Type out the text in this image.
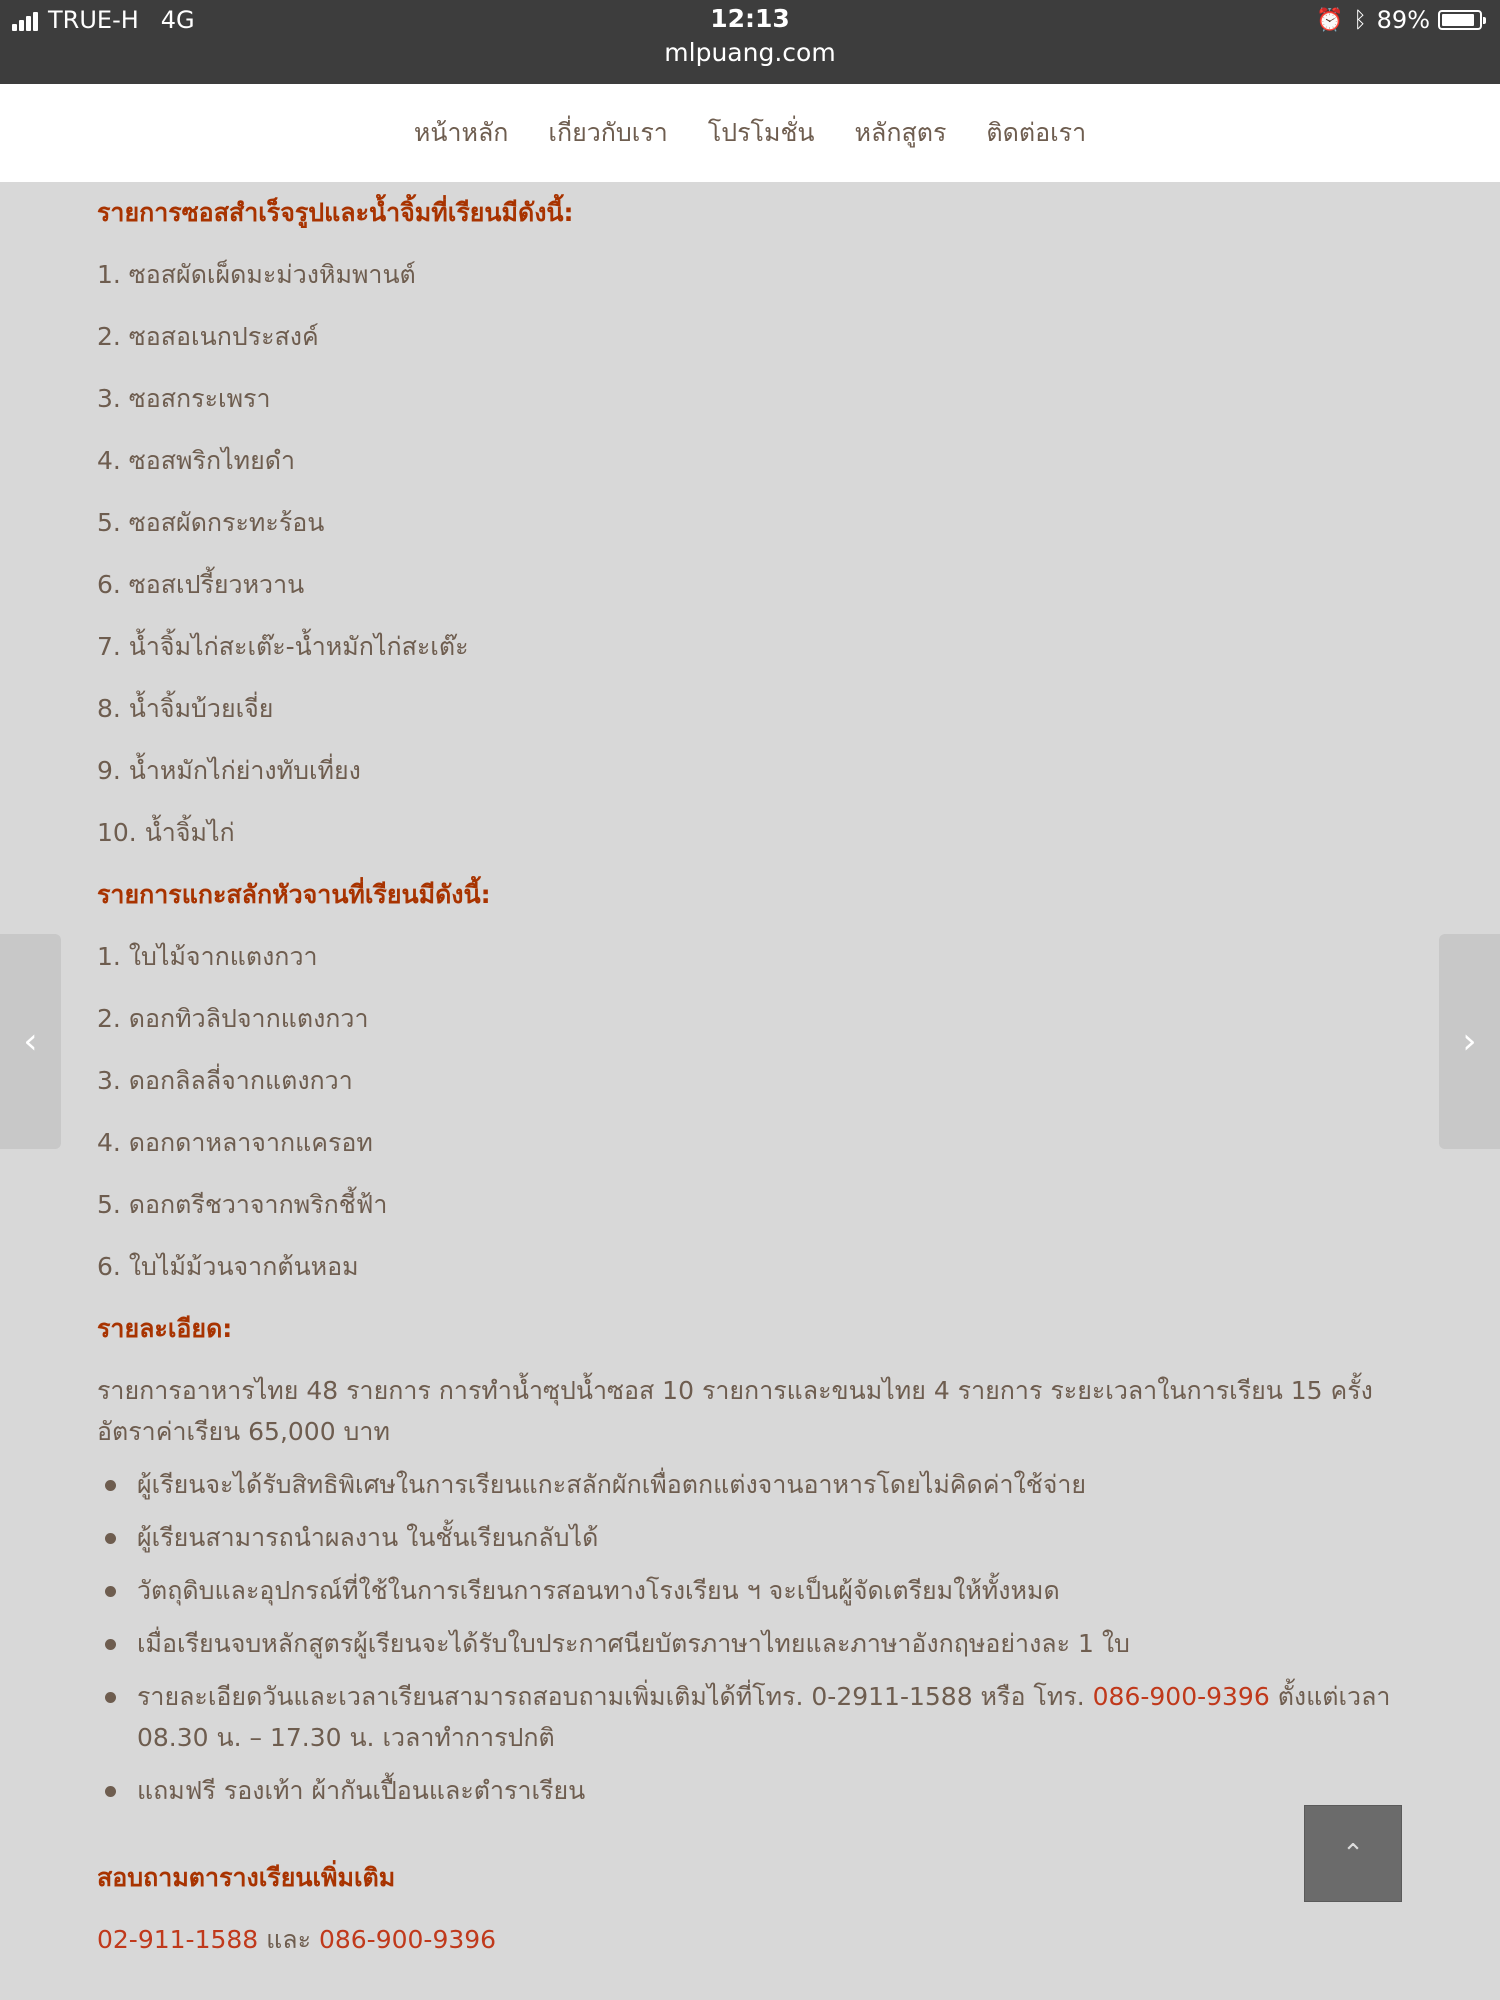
TRUE-H 4G	12:13
mlpuang.com
⏰ ᛒ 89%
หน้าหลัก เกี่ยวกับเรา โปรโมชั่น หลักสูตร ติดต่อเรา

รายการซอสสำเร็จรูปและน้ำจิ้มที่เรียนมีดังนี้:

1. ซอสผัดเผ็ดมะม่วงหิมพานต์
2. ซอสอเนกประสงค์
3. ซอสกระเพรา
4. ซอสพริกไทยดำ
5. ซอสผัดกระทะร้อน
6. ซอสเปรี้ยวหวาน
7. น้ำจิ้มไก่สะเต๊ะ-น้ำหมักไก่สะเต๊ะ
8. น้ำจิ้มบ้วยเจี่ย
9. น้ำหมักไก่ย่างทับเที่ยง
10. น้ำจิ้มไก่

รายการแกะสลักหัวจานที่เรียนมีดังนี้:

1. ใบไม้จากแตงกวา
2. ดอกทิวลิปจากแตงกวา
3. ดอกลิลลี่จากแตงกวา
4. ดอกดาหลาจากแครอท
5. ดอกตรีชวาจากพริกชี้ฟ้า
6. ใบไม้ม้วนจากต้นหอม

รายละเอียด:

รายการอาหารไทย 48 รายการ การทำน้ำซุปน้ำซอส 10 รายการและขนมไทย 4 รายการ ระยะเวลาในการเรียน 15 ครั้ง อัตราค่าเรียน 65,000 บาท

ผู้เรียนจะได้รับสิทธิพิเศษในการเรียนแกะสลักผักเพื่อตกแต่งจานอาหารโดยไม่คิดค่าใช้จ่าย
ผู้เรียนสามารถนำผลงาน ในชั้นเรียนกลับได้
วัตถุดิบและอุปกรณ์ที่ใช้ในการเรียนการสอนทางโรงเรียน ฯ จะเป็นผู้จัดเตรียมให้ทั้งหมด
เมื่อเรียนจบหลักสูตรผู้เรียนจะได้รับใบประกาศนียบัตรภาษาไทยและภาษาอังกฤษอย่างละ 1 ใบ
รายละเอียดวันและเวลาเรียนสามารถสอบถามเพิ่มเติมได้ที่โทร. 0-2911-1588 หรือ โทร. 086-900-9396 ตั้งแต่เวลา 08.30 น. – 17.30 น. เวลาทำการปกติ
แถมฟรี รองเท้า ผ้ากันเปื้อนและตำราเรียน

สอบถามตารางเรียนเพิ่มเติม

02-911-1588 และ 086-900-9396
‹	›
⌃
